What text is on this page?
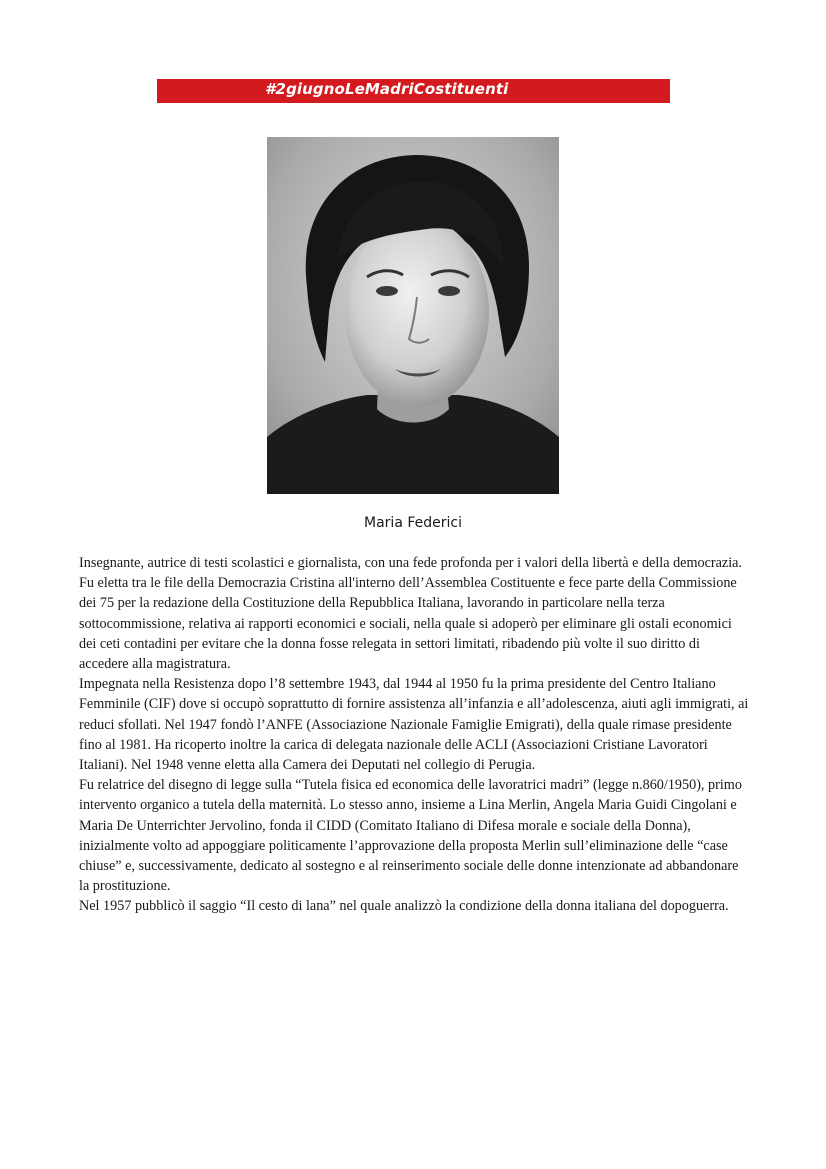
#2giugnoLeMadriCostituenti
Maria Federici

Insegnante, autrice di testi scolastici e giornalista, con una fede profonda per i valori della libertà e della democrazia.

Fu eletta tra le file della Democrazia Cristina all'interno dell’Assemblea Costituente e fece parte della Commissione dei 75 per la redazione della Costituzione della Repubblica Italiana, lavorando in particolare nella terza sottocommissione, relativa ai rapporti economici e sociali, nella quale si adoperò per eliminare gli ostali economici dei ceti contadini per evitare che la donna fosse relegata in settori limitati, ribadendo più volte il suo diritto di accedere alla magistratura.

Impegnata nella Resistenza dopo l’8 settembre 1943, dal 1944 al 1950 fu la prima presidente del Centro Italiano Femminile (CIF) dove si occupò soprattutto di fornire assistenza all’infanzia e all’adolescenza, aiuti agli immigrati, ai reduci sfollati. Nel 1947 fondò l’ANFE (Associazione Nazionale Famiglie Emigrati), della quale rimase presidente fino al 1981. Ha ricoperto inoltre la carica di delegata nazionale delle ACLI (Associazioni Cristiane Lavoratori Italiani). Nel 1948 venne eletta alla Camera dei Deputati nel collegio di Perugia.

Fu relatrice del disegno di legge sulla “Tutela fisica ed economica delle lavoratrici madri” (legge n.860/1950), primo intervento organico a tutela della maternità. Lo stesso anno, insieme a Lina Merlin, Angela Maria Guidi Cingolani e Maria De Unterrichter Jervolino, fonda il CIDD (Comitato Italiano di Difesa morale e sociale della Donna), inizialmente volto ad appoggiare politicamente l’approvazione della proposta Merlin sull’eliminazione delle “case chiuse” e, successivamente, dedicato al sostegno e al reinserimento sociale delle donne intenzionate ad abbandonare la prostituzione.

Nel 1957 pubblicò il saggio “Il cesto di lana” nel quale analizzò la condizione della donna italiana del dopoguerra.
